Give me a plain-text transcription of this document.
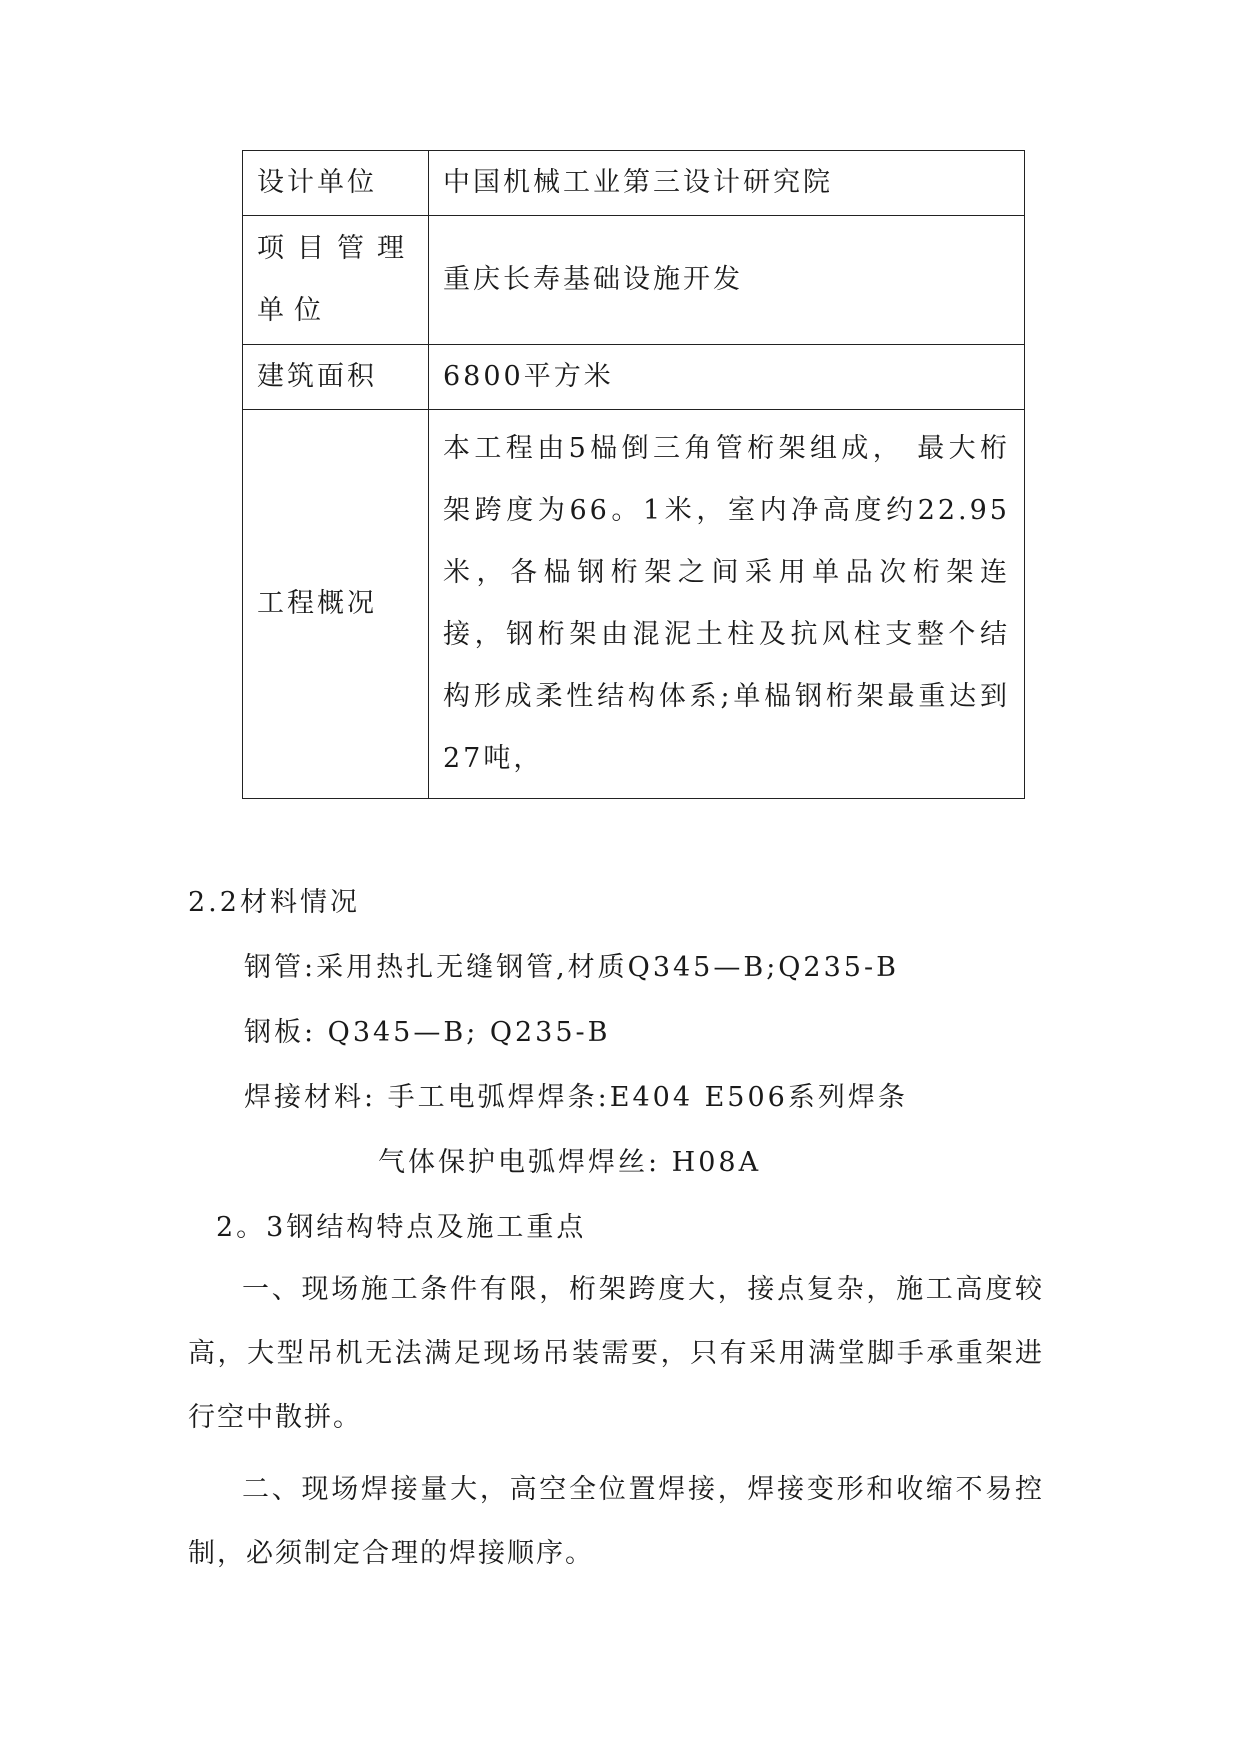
设计单位	中国机械工业第三设计研究院
项目管理单位	重庆长寿基础设施开发
建筑面积	6800平方米
工程概况	本工程由5榀倒三角管桁架组成， 最大桁架跨度为66。1米，室内净高度约22.95米，各榀钢桁架之间采用单品次桁架连接，钢桁架由混泥土柱及抗风柱支整个结构形成柔性结构体系;单榀钢桁架最重达到27吨，
2.2材料情况
钢管:采用热扎无缝钢管,材质Q345—B;Q235-B
钢板: Q345—B; Q235-B
焊接材料: 手工电弧焊焊条:E404 E506系列焊条
气体保护电弧焊焊丝: H08A
2。3钢结构特点及施工重点
一、现场施工条件有限，桁架跨度大，接点复杂，施工高度较高，大型吊机无法满足现场吊装需要，只有采用满堂脚手承重架进行空中散拼。
二、现场焊接量大，高空全位置焊接，焊接变形和收缩不易控制，必须制定合理的焊接顺序。
